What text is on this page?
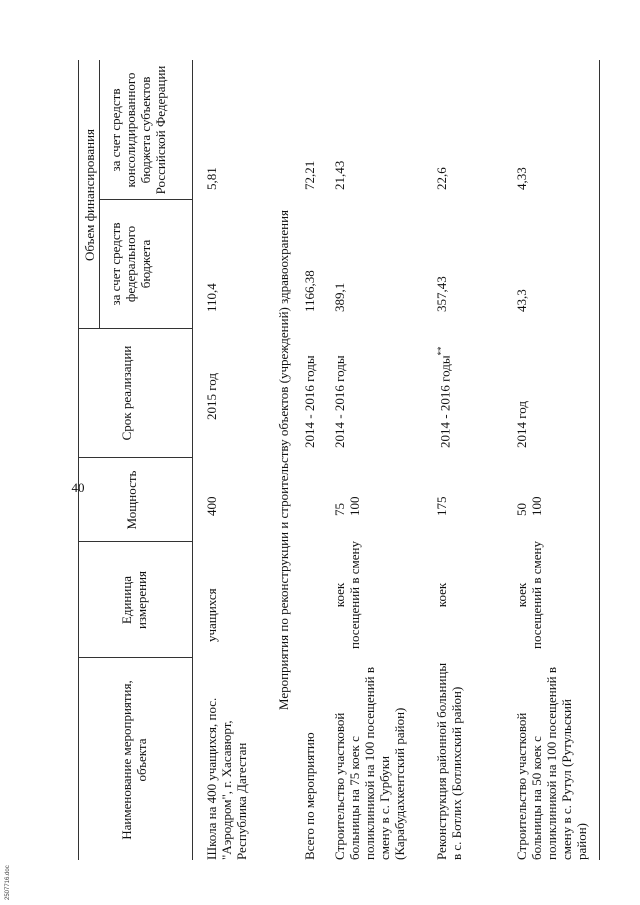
40
Наименование мероприятия, объекта
Единица измерения
Мощность
Срок реализации
Объем финансирования
за счет средств федерального бюджета
за счет средств консолидированного бюджета субъектов Российской Федерации
Школа на 400 учащихся, пос. "Аэродром", г. Хасавюрт, Республика Дагестан
учащихся
400
2015 год
110,4
5,81
Мероприятия по реконструкции и строительству объектов (учреждений) здравоохранения
Всего по мероприятию
2014 - 2016 годы
1166,38
72,21
Строительство участковой больницы на 75 коек с поликлиникой на 100 посещений в смену в с. Гурбуки (Карабудахкентский район)
коек посещений в смену
75 100
2014 - 2016 годы
389,1
21,43
Реконструкция районной больницы в с. Ботлих (Ботлихский район)
коек
175
2014 - 2016 годы**
357,43
22,6
Строительство участковой больницы на 50 коек с поликлиникой на 100 посещений в смену в с. Рутул (Рутульский район)
коек посещений в смену
50 100
2014 год
43,3
4,33
2507716.doc
